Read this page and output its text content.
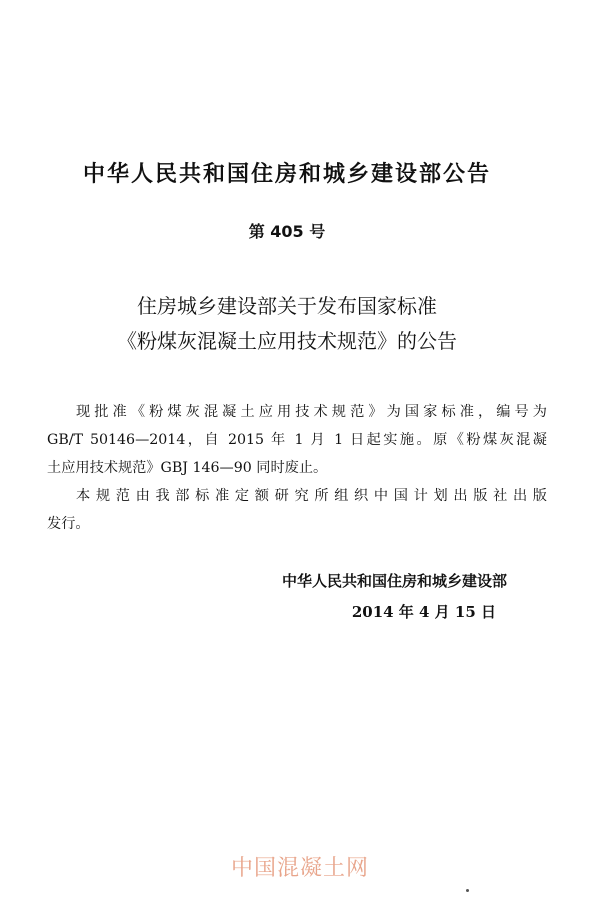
中华人民共和国住房和城乡建设部公告
第 405 号
住房城乡建设部关于发布国家标准
《粉煤灰混凝土应用技术规范》的公告
现批准《粉煤灰混凝土应用技术规范》为国家标准，编号为
GB/T 50146—2014，自 2015 年 1 月 1 日起实施。原《粉煤灰混凝
土应用技术规范》GBJ 146—90 同时废止。
本规范由我部标准定额研究所组织中国计划出版社出版
发行。
中华人民共和国住房和城乡建设部
2014 年 4 月 15 日
中国混凝土网
